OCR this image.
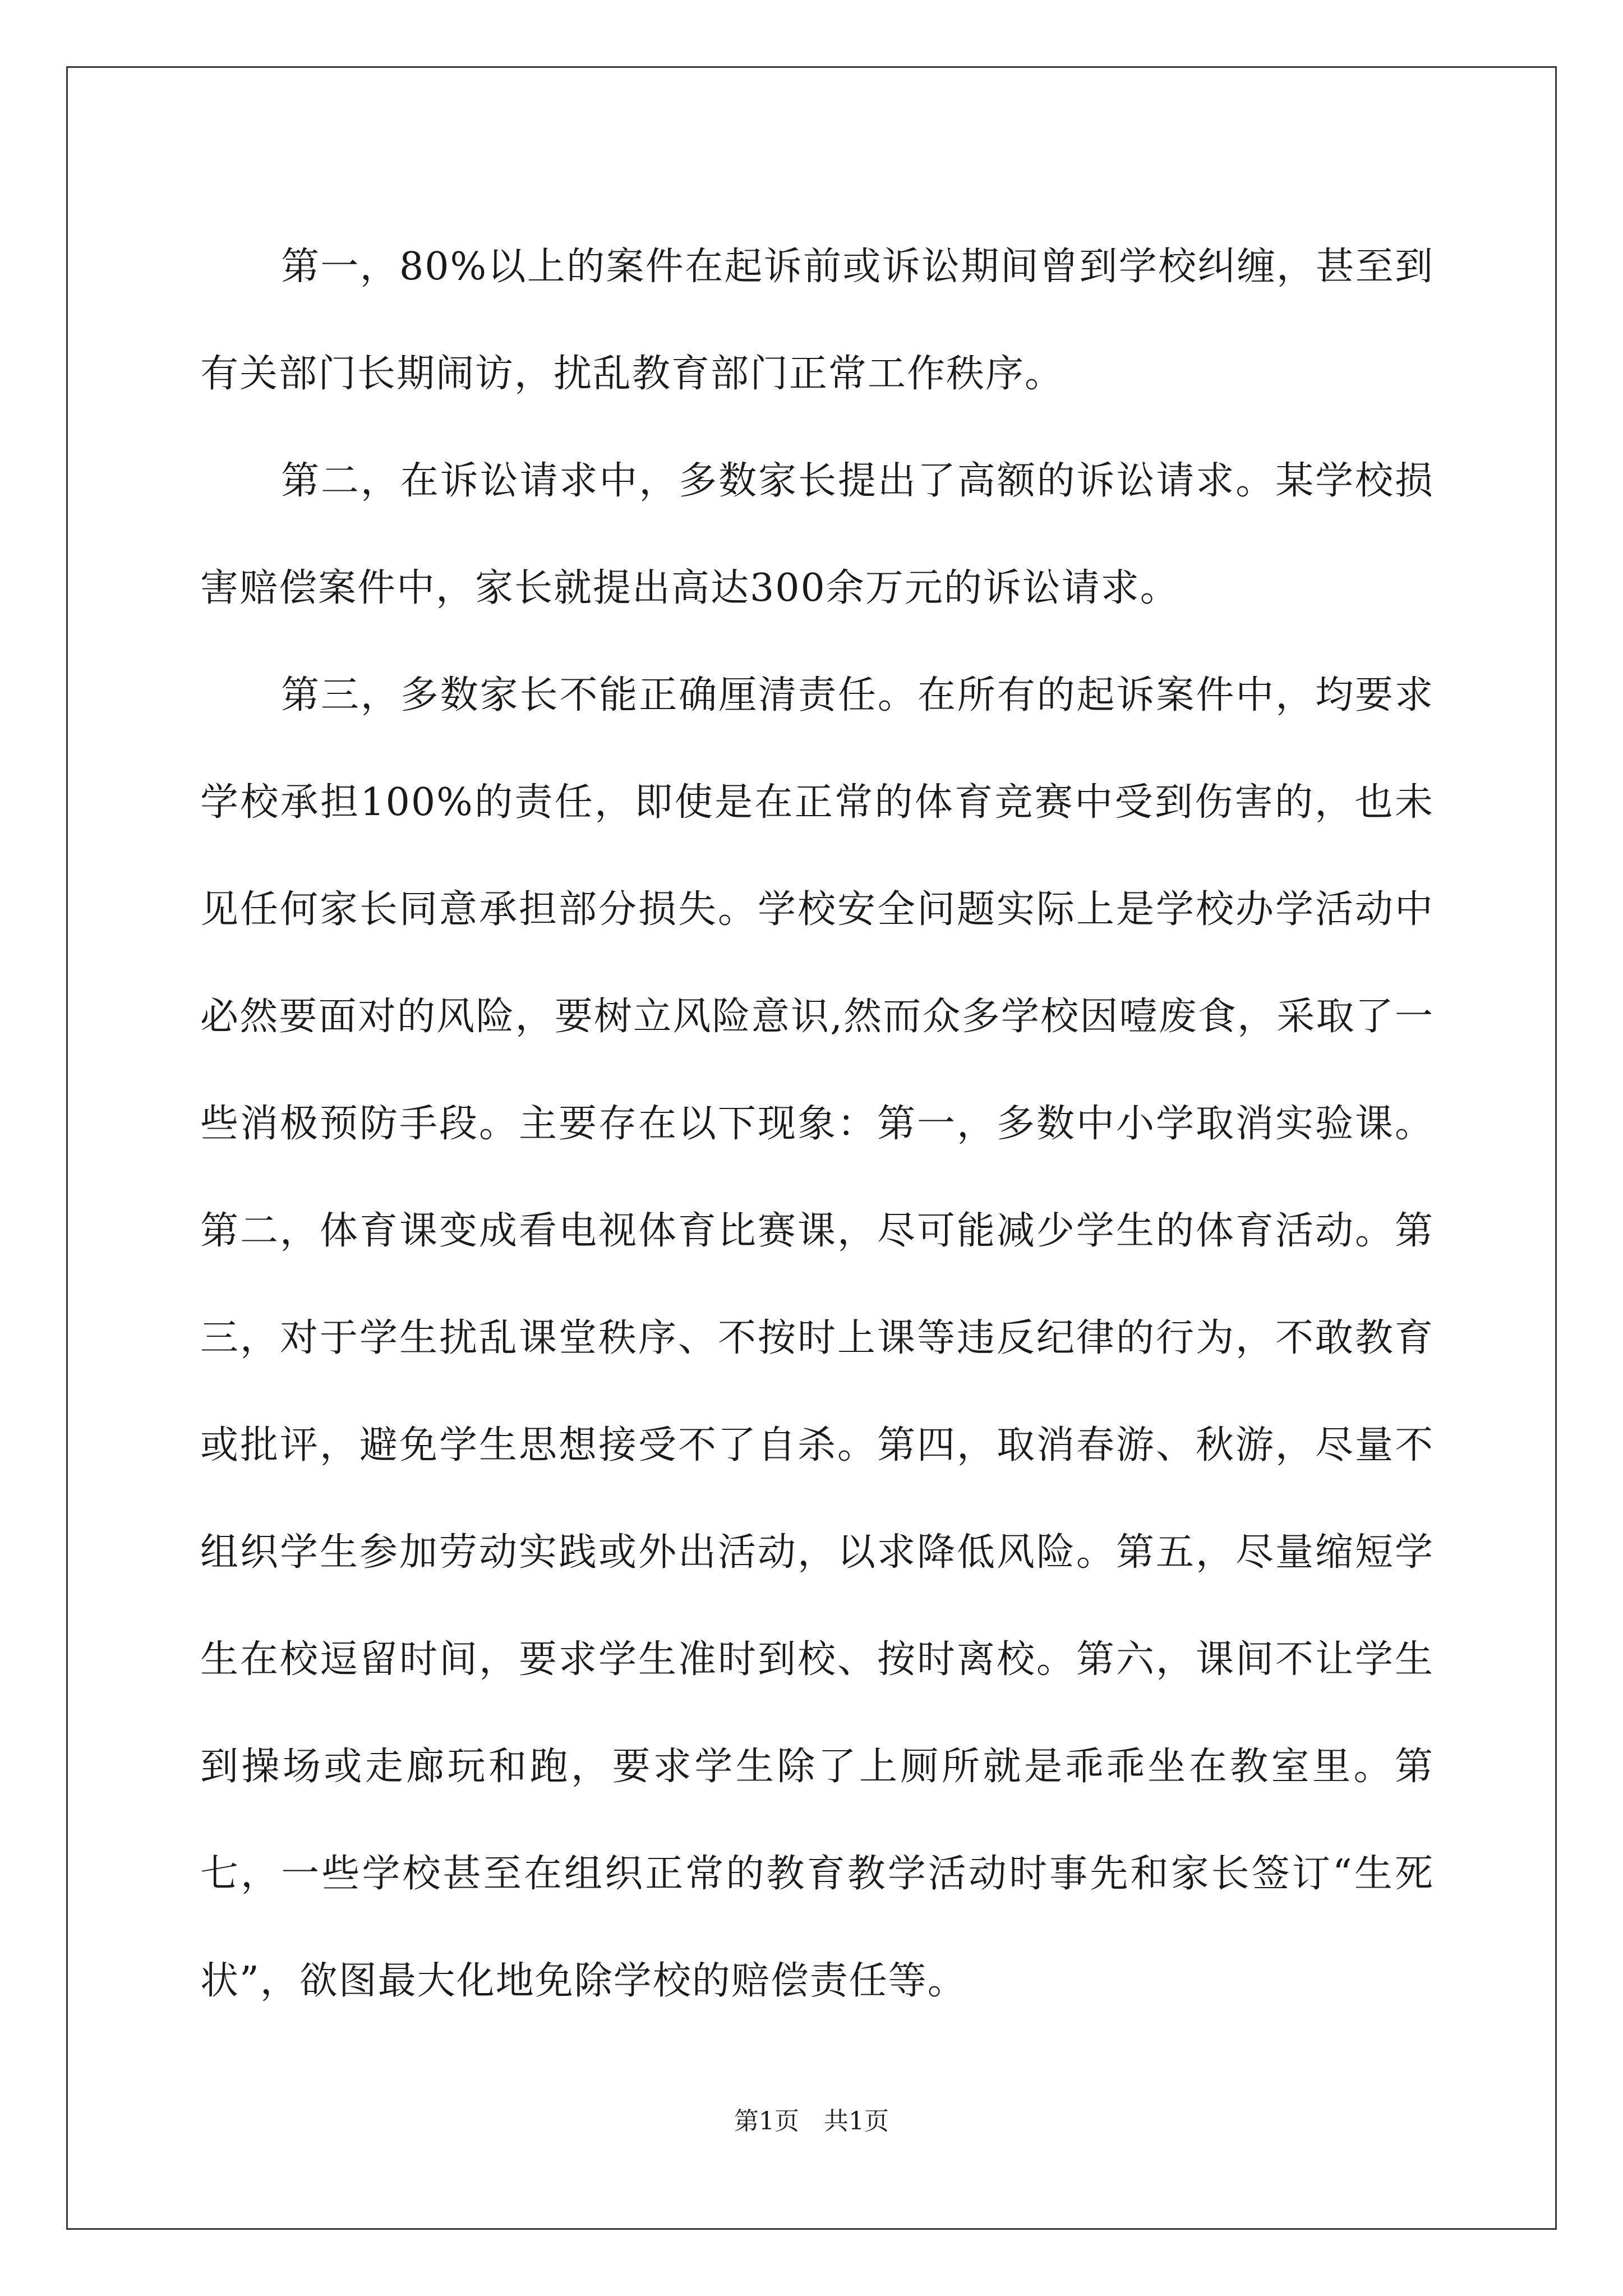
第一，80%以上的案件在起诉前或诉讼期间曾到学校纠缠，甚至到有关部门长期闹访，扰乱教育部门正常工作秩序。

第二，在诉讼请求中，多数家长提出了高额的诉讼请求。某学校损害赔偿案件中，家长就提出高达300余万元的诉讼请求。

第三，多数家长不能正确厘清责任。在所有的起诉案件中，均要求学校承担100%的责任，即使是在正常的体育竞赛中受到伤害的，也未见任何家长同意承担部分损失。学校安全问题实际上是学校办学活动中必然要面对的风险，要树立风险意识,然而众多学校因噎废食，采取了一些消极预防手段。主要存在以下现象：第一，多数中小学取消实验课。第二，体育课变成看电视体育比赛课，尽可能减少学生的体育活动。第三，对于学生扰乱课堂秩序、不按时上课等违反纪律的行为，不敢教育或批评，避免学生思想接受不了自杀。第四，取消春游、秋游，尽量不组织学生参加劳动实践或外出活动，以求降低风险。第五，尽量缩短学生在校逗留时间，要求学生准时到校、按时离校。第六，课间不让学生到操场或走廊玩和跑，要求学生除了上厕所就是乖乖坐在教室里。第七，一些学校甚至在组织正常的教育教学活动时事先和家长签订“生死状”，欲图最大化地免除学校的赔偿责任等。

第1页　共1页
